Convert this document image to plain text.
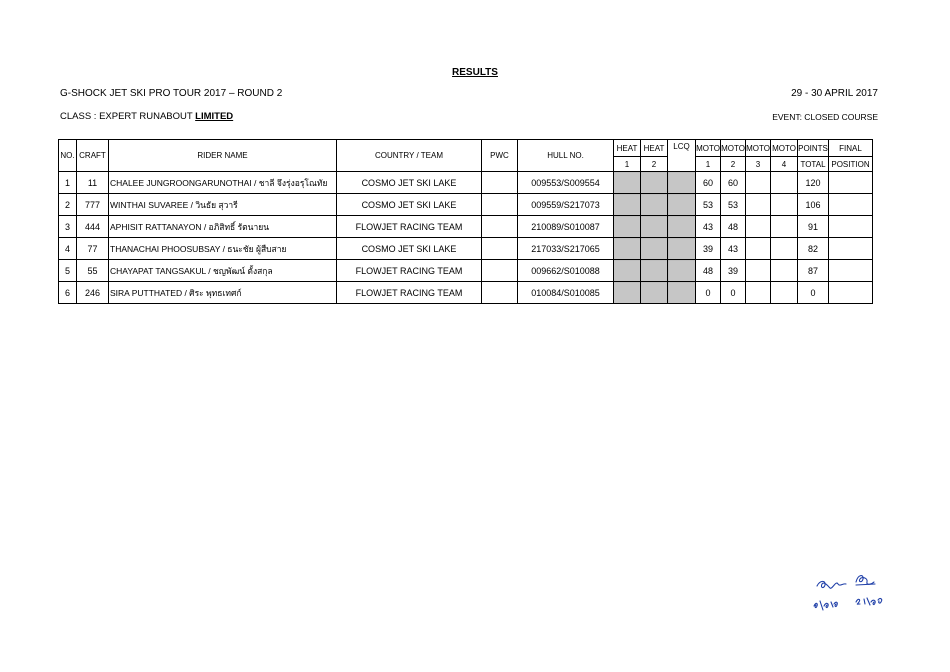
RESULTS
G-SHOCK JET SKI PRO TOUR 2017 – ROUND 2	29 - 30 APRIL 2017
CLASS : EXPERT RUNABOUT LIMITED	EVENT: CLOSED COURSE
NO.	CRAFT	RIDER NAME	COUNTRY / TEAM	PWC	HULL NO.	HEAT	HEAT	LCQ	MOTO	MOTO	MOTO	MOTO	POINTS	FINAL
						1	2		1	2	3	4	TOTAL	POSITION
1	11	CHALEE JUNGROONGARUNOTHAI / ชาลี จึงรุ่งอรุโณทัย	COSMO JET SKI LAKE		009553/S009554				60	60			120	
2	777	WINTHAI SUVAREE / วินธัย สุวารี	COSMO JET SKI LAKE		009559/S217073				53	53			106	
3	444	APHISIT RATTANAYON / อภิสิทธิ์ รัตนายน	FLOWJET RACING TEAM		210089/S010087				43	48			91	
4	77	THANACHAI PHOOSUBSAY / ธนะชัย ผู้สืบสาย	COSMO JET SKI LAKE		217033/S217065				39	43			82	
5	55	CHAYAPAT TANGSAKUL / ชญพัฒน์ ตั้งสกุล	FLOWJET RACING TEAM		009662/S010088				48	39			87	
6	246	SIRA PUTTHATED / ศิระ พุทธเทศก์	FLOWJET RACING TEAM		010084/S010085				0	0			0	
